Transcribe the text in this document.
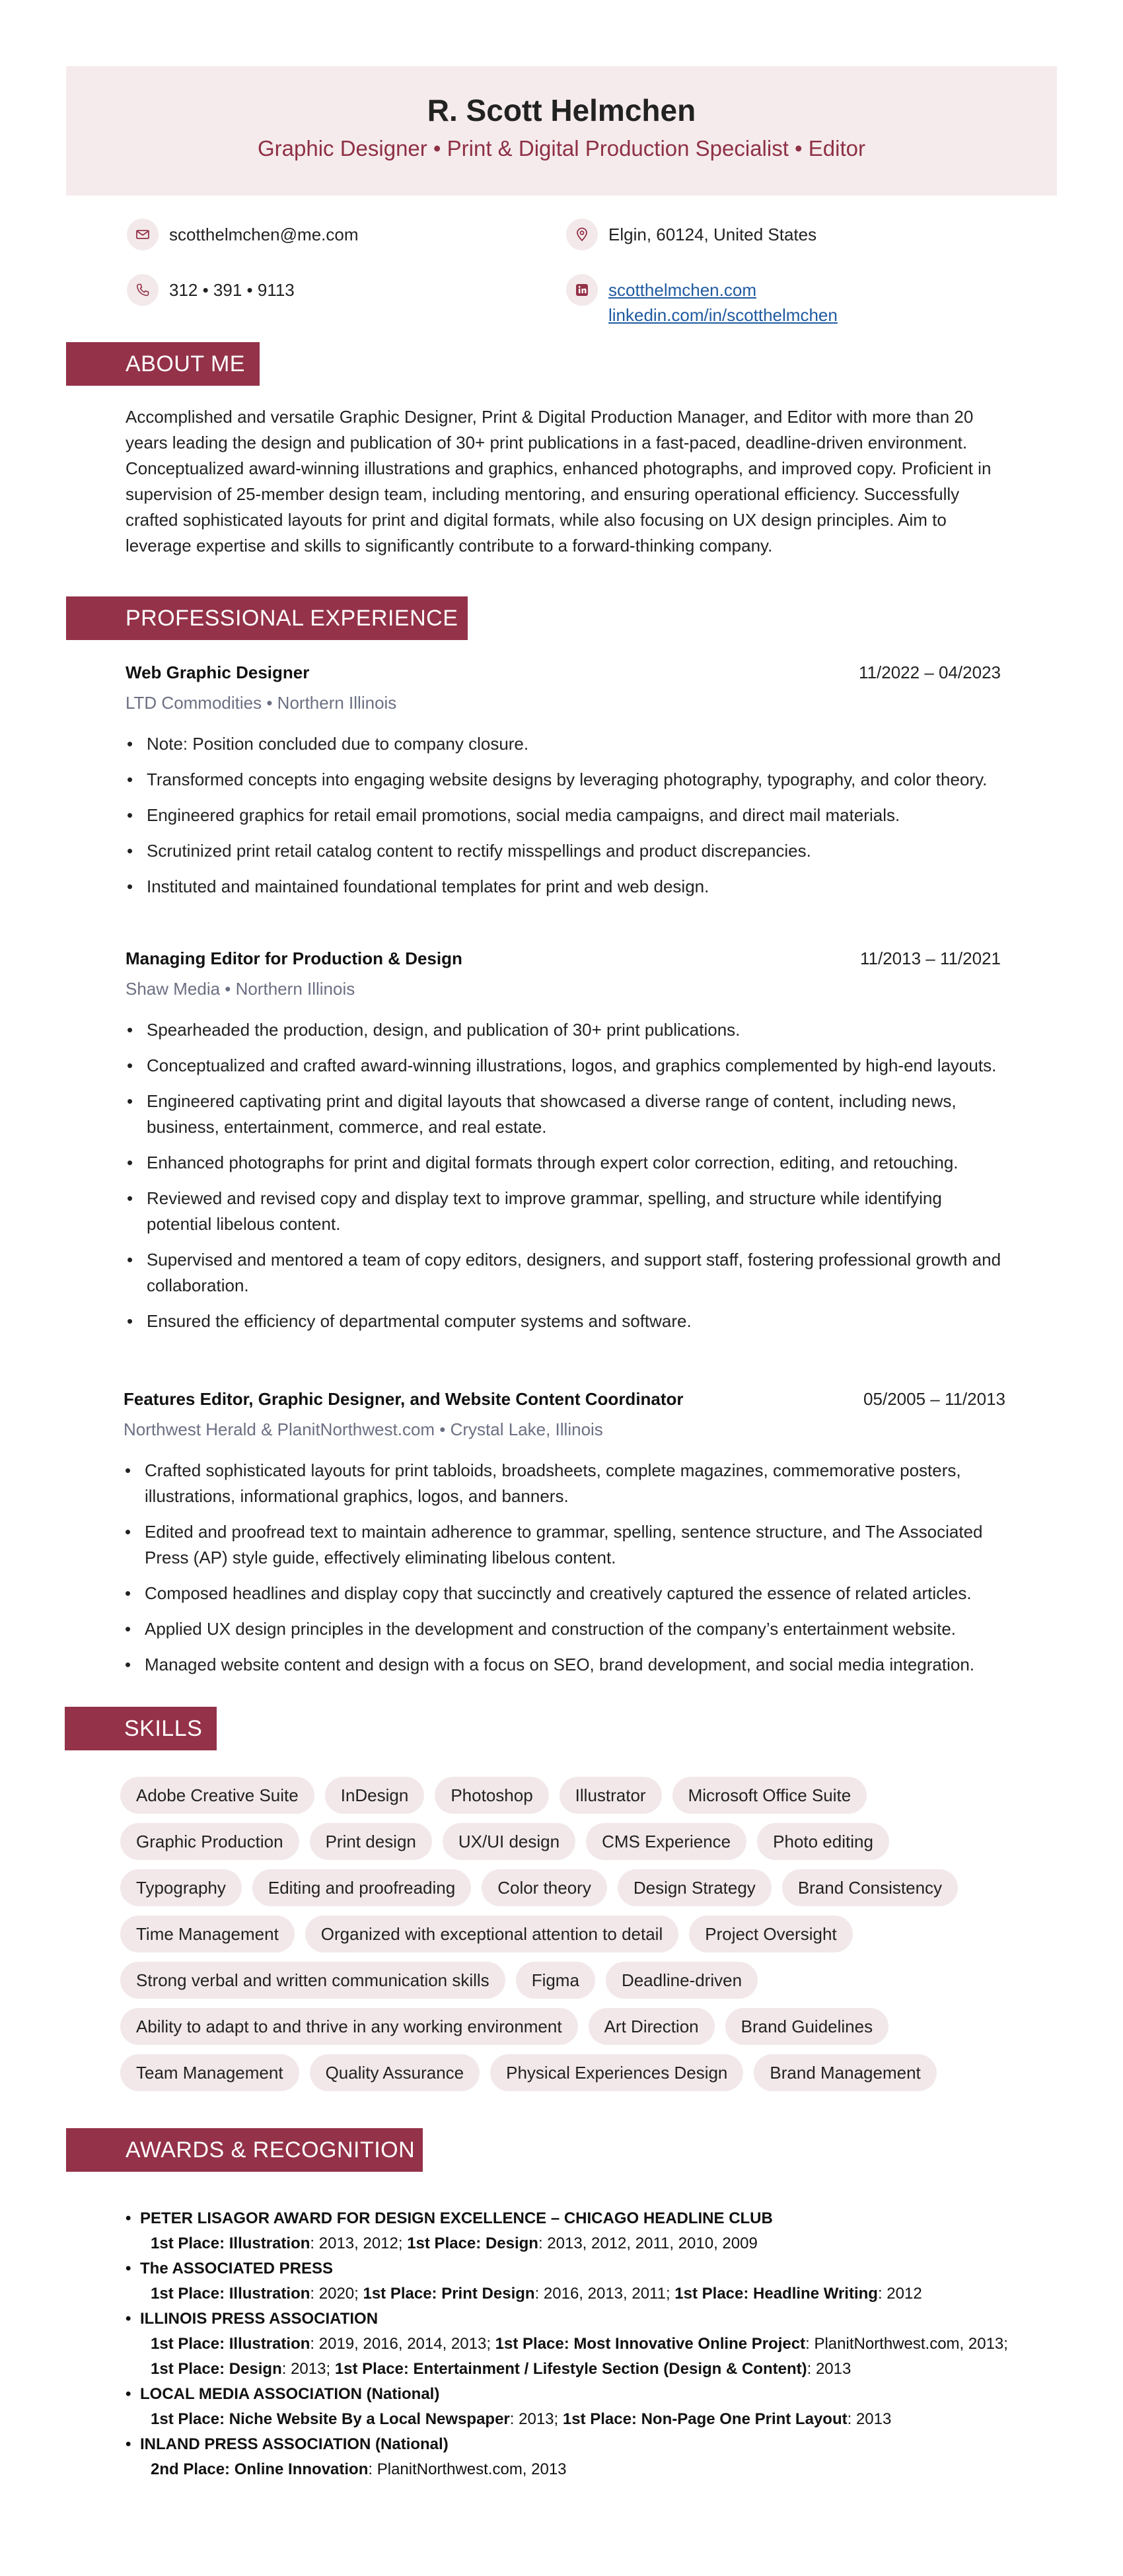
R. Scott Helmchen
Graphic Designer • Print & Digital Production Specialist • Editor
scotthelmchen@me.com	Elgin, 60124, United States
312 • 391 • 9113	scotthelmchen.com
linkedin.com/in/scotthelmchen
ABOUT ME
Accomplished and versatile Graphic Designer, Print & Digital Production Manager, and Editor with more than 20 years leading the design and publication of 30+ print publications in a fast-paced, deadline-driven environment. Conceptualized award-winning illustrations and graphics, enhanced photographs, and improved copy. Proficient in supervision of 25-member design team, including mentoring, and ensuring operational efficiency. Successfully crafted sophisticated layouts for print and digital formats, while also focusing on UX design principles. Aim to leverage expertise and skills to significantly contribute to a forward-thinking company.
PROFESSIONAL EXPERIENCE
Web Graphic Designer	11/2022 – 04/2023
LTD Commodities • Northern Illinois
• Note: Position concluded due to company closure.
• Transformed concepts into engaging website designs by leveraging photography, typography, and color theory.
• Engineered graphics for retail email promotions, social media campaigns, and direct mail materials.
• Scrutinized print retail catalog content to rectify misspellings and product discrepancies.
• Instituted and maintained foundational templates for print and web design.
Managing Editor for Production & Design	11/2013 – 11/2021
Shaw Media • Northern Illinois
• Spearheaded the production, design, and publication of 30+ print publications.
• Conceptualized and crafted award-winning illustrations, logos, and graphics complemented by high-end layouts.
• Engineered captivating print and digital layouts that showcased a diverse range of content, including news, business, entertainment, commerce, and real estate.
• Enhanced photographs for print and digital formats through expert color correction, editing, and retouching.
• Reviewed and revised copy and display text to improve grammar, spelling, and structure while identifying potential libelous content.
• Supervised and mentored a team of copy editors, designers, and support staff, fostering professional growth and collaboration.
• Ensured the efficiency of departmental computer systems and software.
Features Editor, Graphic Designer, and Website Content Coordinator	05/2005 – 11/2013
Northwest Herald & PlanitNorthwest.com • Crystal Lake, Illinois
• Crafted sophisticated layouts for print tabloids, broadsheets, complete magazines, commemorative posters, illustrations, informational graphics, logos, and banners.
• Edited and proofread text to maintain adherence to grammar, spelling, sentence structure, and The Associated Press (AP) style guide, effectively eliminating libelous content.
• Composed headlines and display copy that succinctly and creatively captured the essence of related articles.
• Applied UX design principles in the development and construction of the company’s entertainment website.
• Managed website content and design with a focus on SEO, brand development, and social media integration.
SKILLS
Adobe Creative Suite	InDesign	Photoshop	Illustrator	Microsoft Office Suite
Graphic Production	Print design	UX/UI design	CMS Experience	Photo editing
Typography	Editing and proofreading	Color theory	Design Strategy	Brand Consistency
Time Management	Organized with exceptional attention to detail	Project Oversight
Strong verbal and written communication skills	Figma	Deadline-driven
Ability to adapt to and thrive in any working environment	Art Direction	Brand Guidelines
Team Management	Quality Assurance	Physical Experiences Design	Brand Management
AWARDS & RECOGNITION
• PETER LISAGOR AWARD FOR DESIGN EXCELLENCE – CHICAGO HEADLINE CLUB
1st Place: Illustration: 2013, 2012; 1st Place: Design: 2013, 2012, 2011, 2010, 2009
• The ASSOCIATED PRESS
1st Place: Illustration: 2020; 1st Place: Print Design: 2016, 2013, 2011; 1st Place: Headline Writing: 2012
• ILLINOIS PRESS ASSOCIATION
1st Place: Illustration: 2019, 2016, 2014, 2013; 1st Place: Most Innovative Online Project: PlanitNorthwest.com, 2013;
1st Place: Design: 2013; 1st Place: Entertainment / Lifestyle Section (Design & Content): 2013
• LOCAL MEDIA ASSOCIATION (National)
1st Place: Niche Website By a Local Newspaper: 2013; 1st Place: Non-Page One Print Layout: 2013
• INLAND PRESS ASSOCIATION (National)
2nd Place: Online Innovation: PlanitNorthwest.com, 2013
